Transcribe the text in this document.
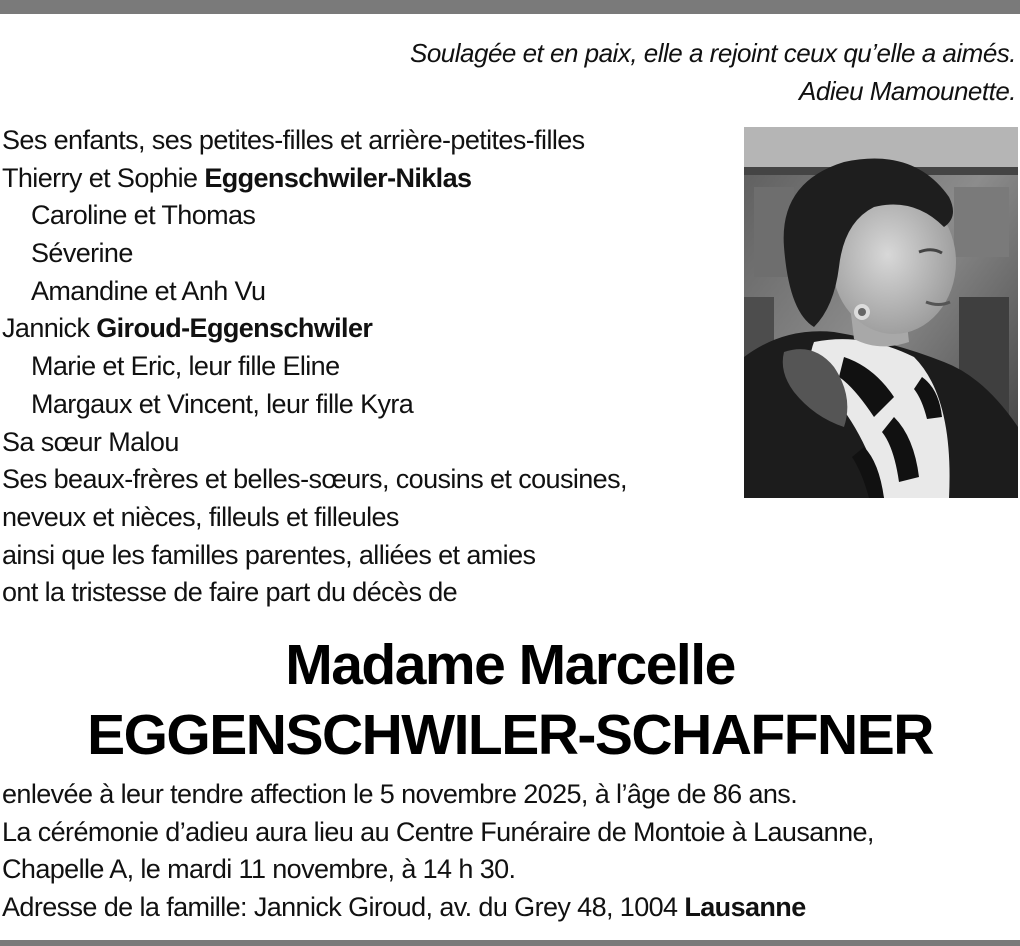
Soulagée et en paix, elle a rejoint ceux qu’elle a aimés.
Adieu Mamounette.
Ses enfants, ses petites-filles et arrière-petites-filles
Thierry et Sophie Eggenschwiler-Niklas
Caroline et Thomas
Séverine
Amandine et Anh Vu
Jannick Giroud-Eggenschwiler
Marie et Eric, leur fille Eline
Margaux et Vincent, leur fille Kyra
Sa sœur Malou
Ses beaux-frères et belles-sœurs, cousins et cousines,
neveux et nièces, filleuls et filleules
ainsi que les familles parentes, alliées et amies
ont la tristesse de faire part du décès de
Madame Marcelle
EGGENSCHWILER-SCHAFFNER
enlevée à leur tendre affection le 5 novembre 2025, à l’âge de 86 ans.
La cérémonie d’adieu aura lieu au Centre Funéraire de Montoie à Lausanne,
Chapelle A, le mardi 11 novembre, à 14 h 30.
Adresse de la famille: Jannick Giroud, av. du Grey 48, 1004 Lausanne
